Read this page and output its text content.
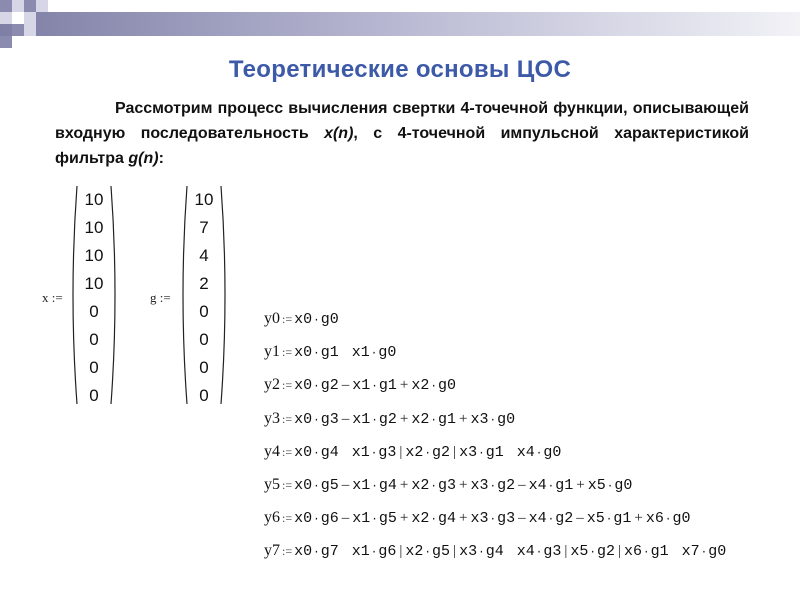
Теоретические основы ЦОС
Рассмотрим процесс вычисления свертки 4-точечной функции, описывающей входную последовательность x(n), с 4-точечной импульсной характеристикой фильтра g(n):
x :=
10
10
10
10
0
0
0
0
g :=
10
7
4
2
0
0
0
0
y0 := x0·g0
y1 := x0·g1 x1·g0
y2 := x0·g2 – x1·g1 + x2·g0
y3 := x0·g3 – x1·g2 + x2·g1 + x3·g0
y4 := x0·g4 x1·g3 | x2·g2 | x3·g1 x4·g0
y5 := x0·g5 – x1·g4 + x2·g3 + x3·g2 – x4·g1 + x5·g0
y6 := x0·g6 – x1·g5 + x2·g4 + x3·g3 – x4·g2 – x5·g1 + x6·g0
y7 := x0·g7 x1·g6 | x2·g5 | x3·g4 x4·g3 | x5·g2 | x6·g1 x7·g0
